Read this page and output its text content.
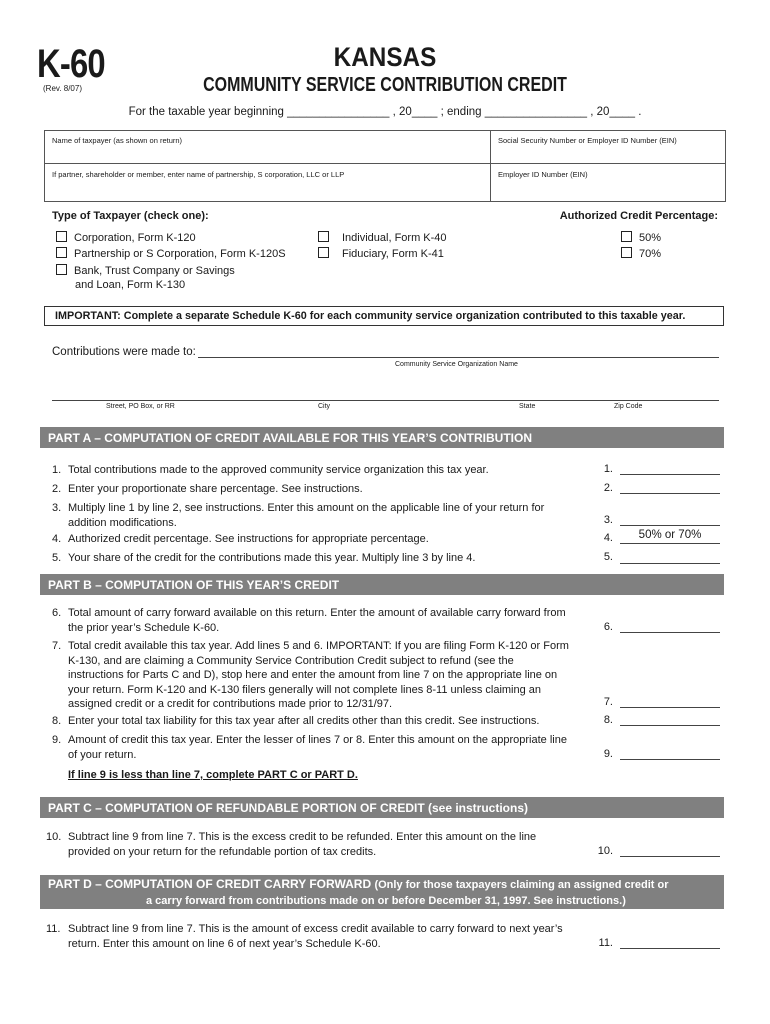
K-60
(Rev. 8/07)
KANSAS
COMMUNITY SERVICE CONTRIBUTION CREDIT
For the taxable year beginning ________________ , 20____ ; ending ________________ , 20____ .
Name of taxpayer (as shown on return)	Social Security Number or Employer ID Number (EIN)
If partner, shareholder or member, enter name of partnership, S corporation, LLC or LLP	Employer ID Number (EIN)
Type of Taxpayer (check one):	Authorized Credit Percentage:
Corporation, Form K-120
Partnership or S Corporation, Form K-120S
Bank, Trust Company or Savings
and Loan, Form K-130
Individual, Form K-40
Fiduciary, Form K-41
50%
70%
IMPORTANT: Complete a separate Schedule K-60 for each community service organization contributed to this taxable year.
Contributions were made to:
Community Service Organization Name
Street, PO Box, or RR	City	State	Zip Code
PART A – COMPUTATION OF CREDIT AVAILABLE FOR THIS YEAR’S CONTRIBUTION
1. Total contributions made to the approved community service organization this tax year.	1.
2. Enter your proportionate share percentage. See instructions.	2.
3. Multiply line 1 by line 2, see instructions. Enter this amount on the applicable line of your return for addition modifications.	3.
4. Authorized credit percentage. See instructions for appropriate percentage.	4.	50% or 70%
5. Your share of the credit for the contributions made this year. Multiply line 3 by line 4.	5.
PART B – COMPUTATION OF THIS YEAR’S CREDIT
6. Total amount of carry forward available on this return. Enter the amount of available carry forward from the prior year’s Schedule K-60.	6.
7. Total credit available this tax year. Add lines 5 and 6. IMPORTANT: If you are filing Form K-120 or Form K-130, and are claiming a Community Service Contribution Credit subject to refund (see the instructions for Parts C and D), stop here and enter the amount from line 7 on the appropriate line on your return. Form K-120 and K-130 filers generally will not complete lines 8-11 unless claiming an assigned credit or a credit for contributions made prior to 12/31/97.	7.
8. Enter your total tax liability for this tax year after all credits other than this credit. See instructions.	8.
9. Amount of credit this tax year. Enter the lesser of lines 7 or 8. Enter this amount on the appropriate line of your return.	9.
If line 9 is less than line 7, complete PART C or PART D.
PART C – COMPUTATION OF REFUNDABLE PORTION OF CREDIT (see instructions)
10. Subtract line 9 from line 7. This is the excess credit to be refunded. Enter this amount on the line provided on your return for the refundable portion of tax credits.	10.
PART D – COMPUTATION OF CREDIT CARRY FORWARD (Only for those taxpayers claiming an assigned credit or
a carry forward from contributions made on or before December 31, 1997. See instructions.)
11. Subtract line 9 from line 7. This is the amount of excess credit available to carry forward to next year’s return. Enter this amount on line 6 of next year’s Schedule K-60.	11.
